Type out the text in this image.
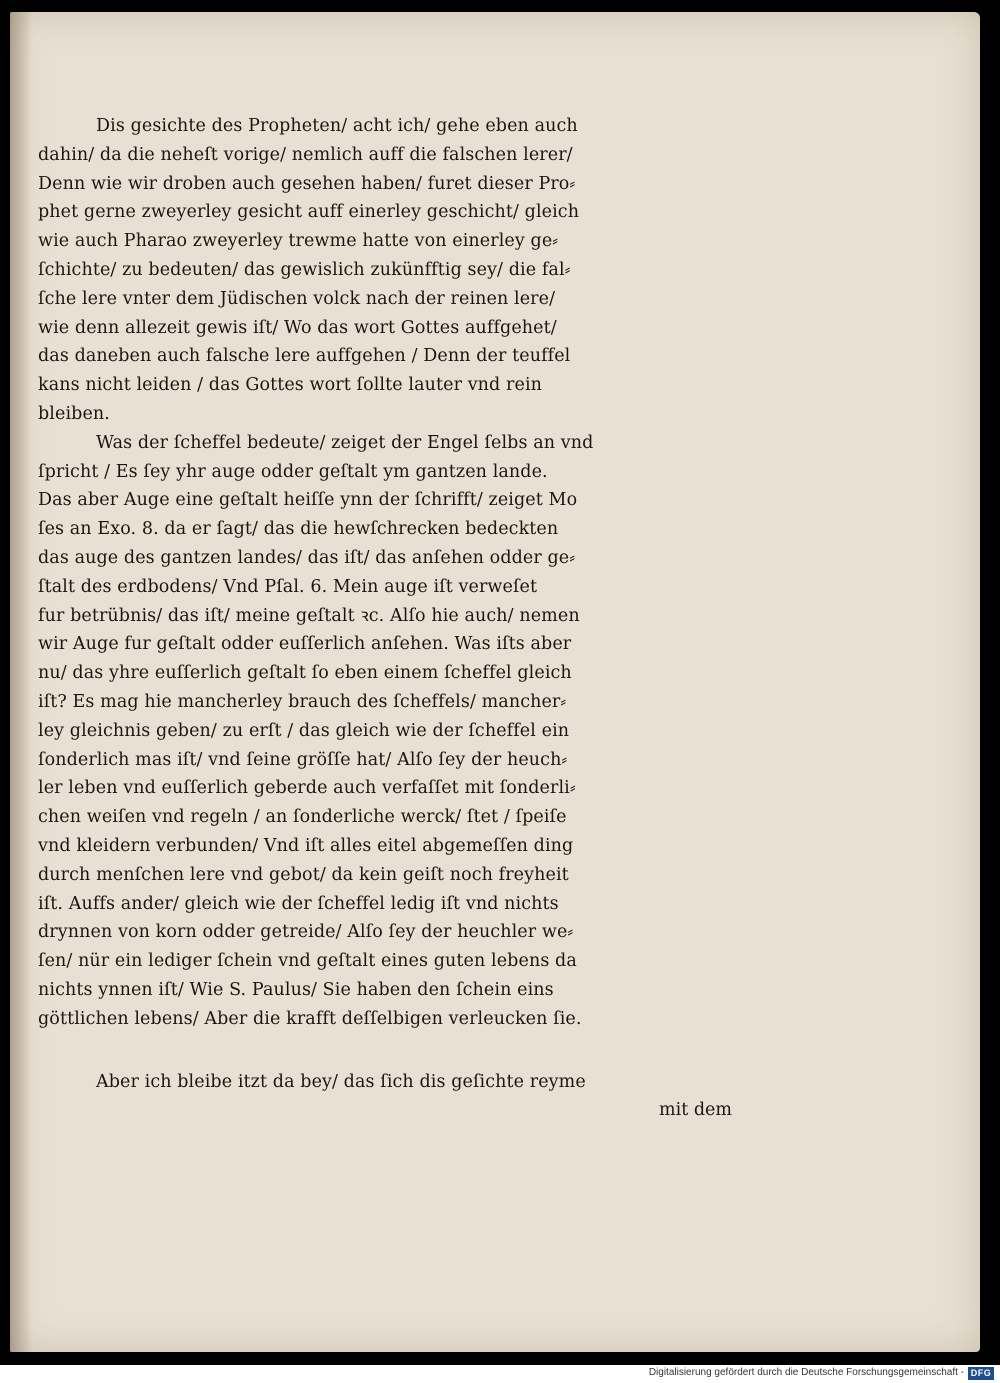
Dis gesichte des Propheten/ acht ich/ gehe eben auch
dahin/ da die neheſt vorige/ nemlich auff die falschen lerer/
Denn wie wir droben auch gesehen haben/ furet dieser Pro⸗
phet gerne zweyerley gesicht auff einerley geschicht/ gleich
wie auch Pharao zweyerley trewme hatte von einerley ge⸗
ſchichte/ zu bedeuten/ das gewislich zukünfftig sey/ die fal⸗
ſche lere vnter dem Jüdischen volck nach der reinen lere/
wie denn allezeit gewis iſt/ Wo das wort Gottes auffgehet/
das daneben auch falsche lere auffgehen / Denn der teuffel
kans nicht leiden / das Gottes wort ſollte lauter vnd rein
bleiben.
Was der ſcheffel bedeute/ zeiget der Engel ſelbs an vnd
ſpricht / Es ſey yhr auge odder geſtalt ym gantzen lande.
Das aber Auge eine geſtalt heiſſe ynn der ſchrifft/ zeiget Mo
ſes an Exo. 8. da er ſagt/ das die hewſchrecken bedeckten
das auge des gantzen landes/ das iſt/ das anſehen odder ge⸗
ſtalt des erdbodens/ Vnd Pſal. 6. Mein auge iſt verweſet
fur betrübnis/ das iſt/ meine geſtalt ꝛc. Alſo hie auch/ nemen
wir Auge fur geſtalt odder euſſerlich anſehen. Was iſts aber
nu/ das yhre euſſerlich geſtalt ſo eben einem ſcheffel gleich
iſt? Es mag hie mancherley brauch des ſcheffels/ mancher⸗
ley gleichnis geben/ zu erſt / das gleich wie der ſcheffel ein
ſonderlich mas iſt/ vnd ſeine gröſſe hat/ Alſo ſey der heuch⸗
ler leben vnd euſſerlich geberde auch verfaſſet mit ſonderli⸗
chen weiſen vnd regeln / an ſonderliche werck/ ſtet / ſpeiſe
vnd kleidern verbunden/ Vnd iſt alles eitel abgemeſſen ding
durch menſchen lere vnd gebot/ da kein geiſt noch freyheit
iſt. Auffs ander/ gleich wie der ſcheffel ledig iſt vnd nichts
drynnen von korn odder getreide/ Alſo ſey der heuchler we⸗
ſen/ nür ein lediger ſchein vnd geſtalt eines guten lebens da
nichts ynnen iſt/ Wie S. Paulus/ Sie haben den ſchein eins
göttlichen lebens/ Aber die krafft deſſelbigen verleucken ſie.
Aber ich bleibe itzt da bey/ das ſich dis geſichte reyme
mit dem
Digitalisierung gefördert durch die Deutsche Forschungsgemeinschaft - DFG
